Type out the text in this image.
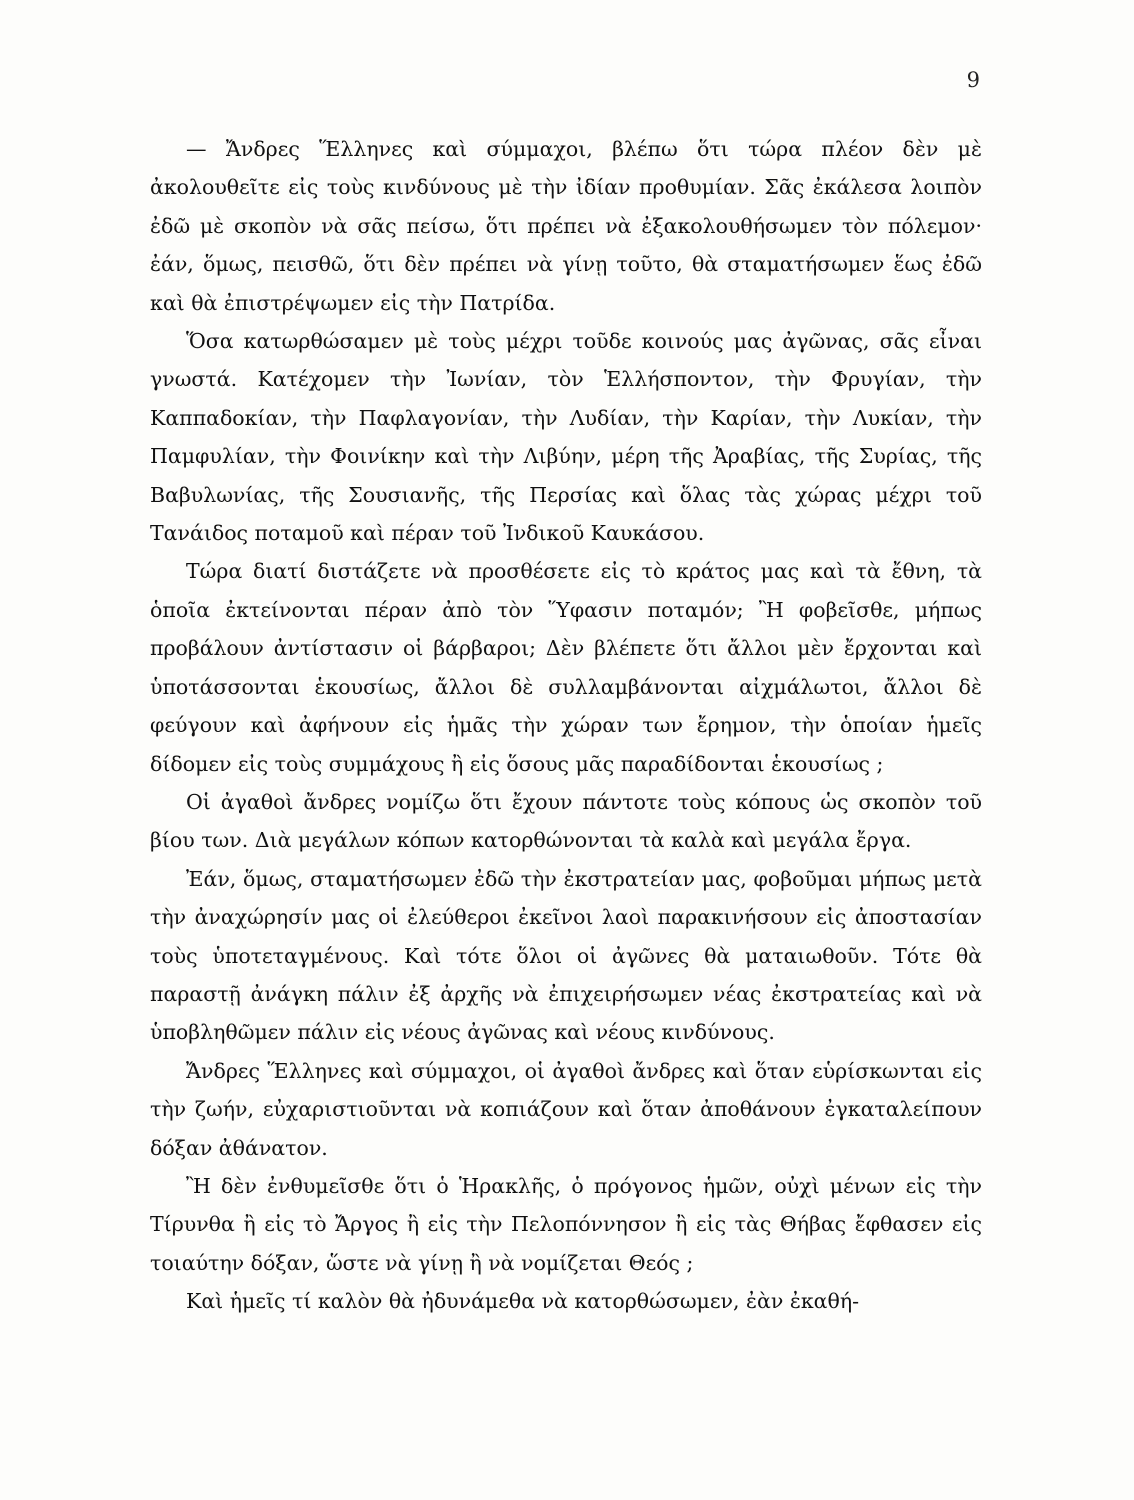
9

— Ἄνδρες Ἕλληνες καὶ σύμμαχοι, βλέπω ὅτι τώρα πλέον δὲν μὲ ἀκολουθεῖτε εἰς τοὺς κινδύνους μὲ τὴν ἰδίαν προθυμίαν. Σᾶς ἐκάλεσα λοιπὸν ἐδῶ μὲ σκοπὸν νὰ σᾶς πείσω, ὅτι πρέπει νὰ ἐξακολουθήσωμεν τὸν πόλεμον· ἐάν, ὅμως, πεισθῶ, ὅτι δὲν πρέπει νὰ γίνῃ τοῦτο, θὰ σταματήσωμεν ἕως ἐδῶ καὶ θὰ ἐπιστρέψωμεν εἰς τὴν Πατρίδα.

Ὅσα κατωρθώσαμεν μὲ τοὺς μέχρι τοῦδε κοινούς μας ἀγῶνας, σᾶς εἶναι γνωστά. Κατέχομεν τὴν Ἰωνίαν, τὸν Ἑλλήσποντον, τὴν Φρυγίαν, τὴν Καππαδοκίαν, τὴν Παφλαγονίαν, τὴν Λυδίαν, τὴν Καρίαν, τὴν Λυκίαν, τὴν Παμφυλίαν, τὴν Φοινίκην καὶ τὴν Λιβύην, μέρη τῆς Ἀραβίας, τῆς Συρίας, τῆς Βαβυλωνίας, τῆς Σουσιανῆς, τῆς Περσίας καὶ ὅλας τὰς χώρας μέχρι τοῦ Τανάιδος ποταμοῦ καὶ πέραν τοῦ Ἰνδικοῦ Καυκάσου.

Τώρα διατί διστάζετε νὰ προσθέσετε εἰς τὸ κράτος μας καὶ τὰ ἔθνη, τὰ ὁποῖα ἐκτείνονται πέραν ἀπὸ τὸν Ὕφασιν ποταμόν; Ἢ φοβεῖσθε, μήπως προβάλουν ἀντίστασιν οἱ βάρβαροι; Δὲν βλέπετε ὅτι ἄλλοι μὲν ἔρχονται καὶ ὑποτάσσονται ἑκουσίως, ἄλλοι δὲ συλλαμβάνονται αἰχμάλωτοι, ἄλλοι δὲ φεύγουν καὶ ἀφήνουν εἰς ἡμᾶς τὴν χώραν των ἔρημον, τὴν ὁποίαν ἡμεῖς δίδομεν εἰς τοὺς συμμάχους ἢ εἰς ὅσους μᾶς παραδίδονται ἑκουσίως ;

Οἱ ἀγαθοὶ ἄνδρες νομίζω ὅτι ἔχουν πάντοτε τοὺς κόπους ὡς σκοπὸν τοῦ βίου των. Διὰ μεγάλων κόπων κατορθώνονται τὰ καλὰ καὶ μεγάλα ἔργα.

Ἐάν, ὅμως, σταματήσωμεν ἐδῶ τὴν ἐκστρατείαν μας, φοβοῦμαι μήπως μετὰ τὴν ἀναχώρησίν μας οἱ ἐλεύθεροι ἐκεῖνοι λαοὶ παρακινήσουν εἰς ἀποστασίαν τοὺς ὑποτεταγμένους. Καὶ τότε ὅλοι οἱ ἀγῶνες θὰ ματαιωθοῦν. Τότε θὰ παραστῇ ἀνάγκη πάλιν ἐξ ἀρχῆς νὰ ἐπιχειρήσωμεν νέας ἐκστρατείας καὶ νὰ ὑποβληθῶμεν πάλιν εἰς νέους ἀγῶνας καὶ νέους κινδύνους.

Ἄνδρες Ἕλληνες καὶ σύμμαχοι, οἱ ἀγαθοὶ ἄνδρες καὶ ὅταν εὑρίσκωνται εἰς τὴν ζωήν, εὐχαριστιοῦνται νὰ κοπιάζουν καὶ ὅταν ἀποθάνουν ἐγκαταλείπουν δόξαν ἀθάνατον.

Ἢ δὲν ἐνθυμεῖσθε ὅτι ὁ Ἡρακλῆς, ὁ πρόγονος ἡμῶν, οὐχὶ μένων εἰς τὴν Τίρυνθα ἢ εἰς τὸ Ἄργος ἢ εἰς τὴν Πελοπόννησον ἢ εἰς τὰς Θήβας ἔφθασεν εἰς τοιαύτην δόξαν, ὥστε νὰ γίνῃ ἢ νὰ νομίζεται Θεός ;

Καὶ ἡμεῖς τί καλὸν θὰ ἠδυνάμεθα νὰ κατορθώσωμεν, ἐὰν ἐκαθή-
